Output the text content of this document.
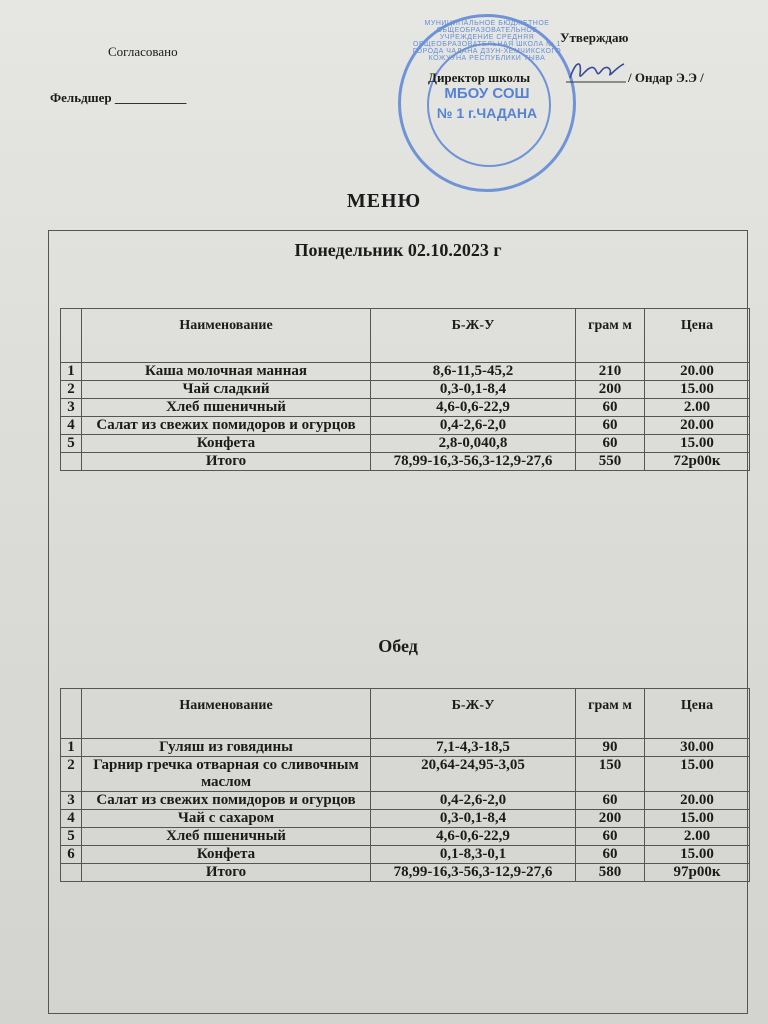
Согласовано
Фельдшер ___________
Утверждаю
МУНИЦИПАЛЬНОЕ БЮДЖЕТНОЕ ОБЩЕОБРАЗОВАТЕЛЬНОЕ УЧРЕЖДЕНИЕ СРЕДНЯЯ ОБЩЕОБРАЗОВАТЕЛЬНАЯ ШКОЛА № 1 ГОРОДА ЧАДАНА ДЗУН-ХЕМЧИКСКОГО КОЖУУНА РЕСПУБЛИКИ ТЫВА
МБОУ СОШ
№ 1 г.ЧАДАНА
Директор школы	/ Ондар Э.Э /
МЕНЮ
Понедельник 02.10.2023 г
	Наименование	Б-Ж-У	грам м	Цена
1	Каша молочная манная	8,6-11,5-45,2	210	20.00
2	Чай сладкий	0,3-0,1-8,4	200	15.00
3	Хлеб пшеничный	4,6-0,6-22,9	60	2.00
4	Салат из свежих помидоров и огурцов	0,4-2,6-2,0	60	20.00
5	Конфета	2,8-0,040,8	60	15.00
	Итого	78,99-16,3-56,3-12,9-27,6	550	72р00к
Обед
	Наименование	Б-Ж-У	грам м	Цена
1	Гуляш из говядины	7,1-4,3-18,5	90	30.00
2	Гарнир гречка отварная со сливочным маслом	20,64-24,95-3,05	150	15.00
3	Салат из свежих помидоров и огурцов	0,4-2,6-2,0	60	20.00
4	Чай с сахаром	0,3-0,1-8,4	200	15.00
5	Хлеб пшеничный	4,6-0,6-22,9	60	2.00
6	Конфета	0,1-8,3-0,1	60	15.00
	Итого	78,99-16,3-56,3-12,9-27,6	580	97р00к
